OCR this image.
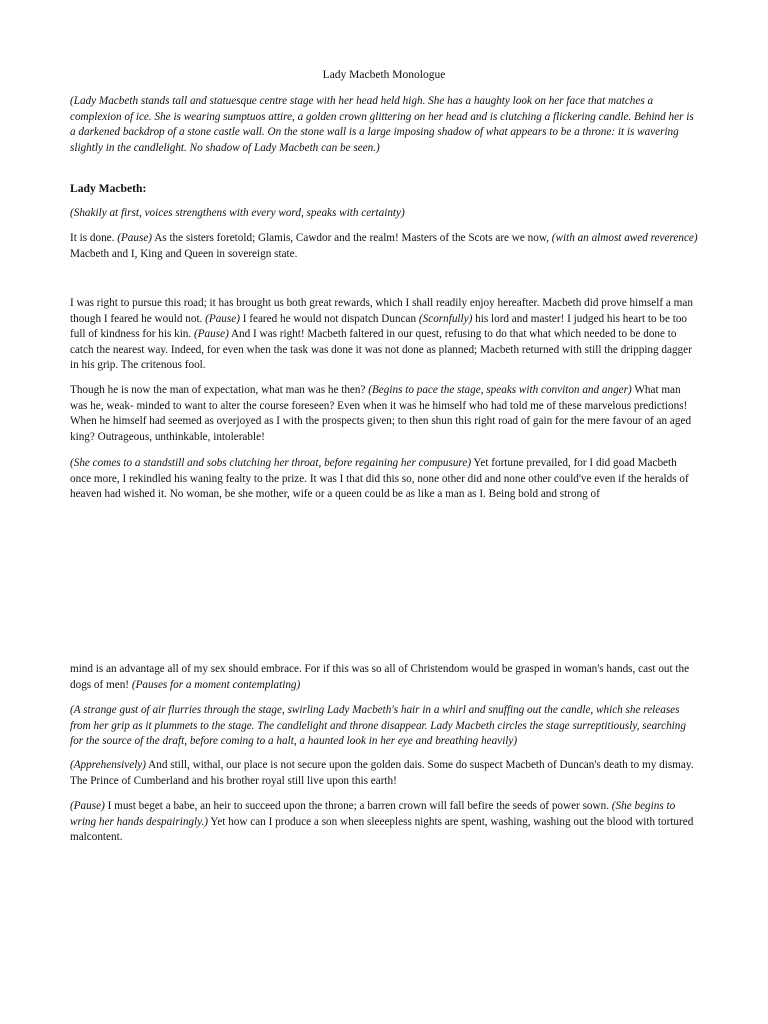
Lady Macbeth Monologue

(Lady Macbeth stands tall and statuesque centre stage with her head held high. She has a haughty look on her face that matches a complexion of ice. She is wearing sumptuos attire, a golden crown glittering on her head and is clutching a flickering candle. Behind her is a darkened backdrop of a stone castle wall. On the stone wall is a large imposing shadow of what appears to be a throne: it is wavering slightly in the candlelight. No shadow of Lady Macbeth can be seen.)

Lady Macbeth:

(Shakily at first, voices strengthens with every word, speaks with certainty)

It is done. (Pause) As the sisters foretold; Glamis, Cawdor and the realm! Masters of the Scots are we now, (with an almost awed reverence) Macbeth and I, King and Queen in sovereign state.

I was right to pursue this road; it has brought us both great rewards, which I shall readily enjoy hereafter. Macbeth did prove himself a man though I feared he would not. (Pause) I feared he would not dispatch Duncan (Scornfully) his lord and master! I judged his heart to be too full of kindness for his kin. (Pause) And I was right! Macbeth faltered in our quest, refusing to do that what which needed to be done to catch the nearest way. Indeed, for even when the task was done it was not done as planned; Macbeth returned with still the dripping dagger in his grip. The critenous fool.

Though he is now the man of expectation, what man was he then? (Begins to pace the stage, speaks with conviton and anger) What man was he, weak- minded to want to alter the course foreseen? Even when it was he himself who had told me of these marvelous predictions! When he himself had seemed as overjoyed as I with the prospects given; to then shun this right road of gain for the mere favour of an aged king? Outrageous, unthinkable, intolerable!

(She comes to a standstill and sobs clutching her throat, before regaining her compusure) Yet fortune prevailed, for I did goad Macbeth once more, I rekindled his waning fealty to the prize. It was I that did this so, none other did and none other could've even if the heralds of heaven had wished it. No woman, be she mother, wife or a queen could be as like a man as I. Being bold and strong of

mind is an advantage all of my sex should embrace. For if this was so all of Christendom would be grasped in woman's hands, cast out the dogs of men! (Pauses for a moment contemplating)

(A strange gust of air flurries through the stage, swirling Lady Macbeth's hair in a whirl and snuffing out the candle, which she releases from her grip as it plummets to the stage. The candlelight and throne disappear. Lady Macbeth circles the stage surreptitiously, searching for the source of the draft, before coming to a halt, a haunted look in her eye and breathing heavily)

(Apprehensively) And still, withal, our place is not secure upon the golden dais. Some do suspect Macbeth of Duncan's death to my dismay. The Prince of Cumberland and his brother royal still live upon this earth!

(Pause) I must beget a babe, an heir to succeed upon the throne; a barren crown will fall befire the seeds of power sown. (She begins to wring her hands despairingly.) Yet how can I produce a son when sleeepless nights are spent, washing, washing out the blood with tortured malcontent.
